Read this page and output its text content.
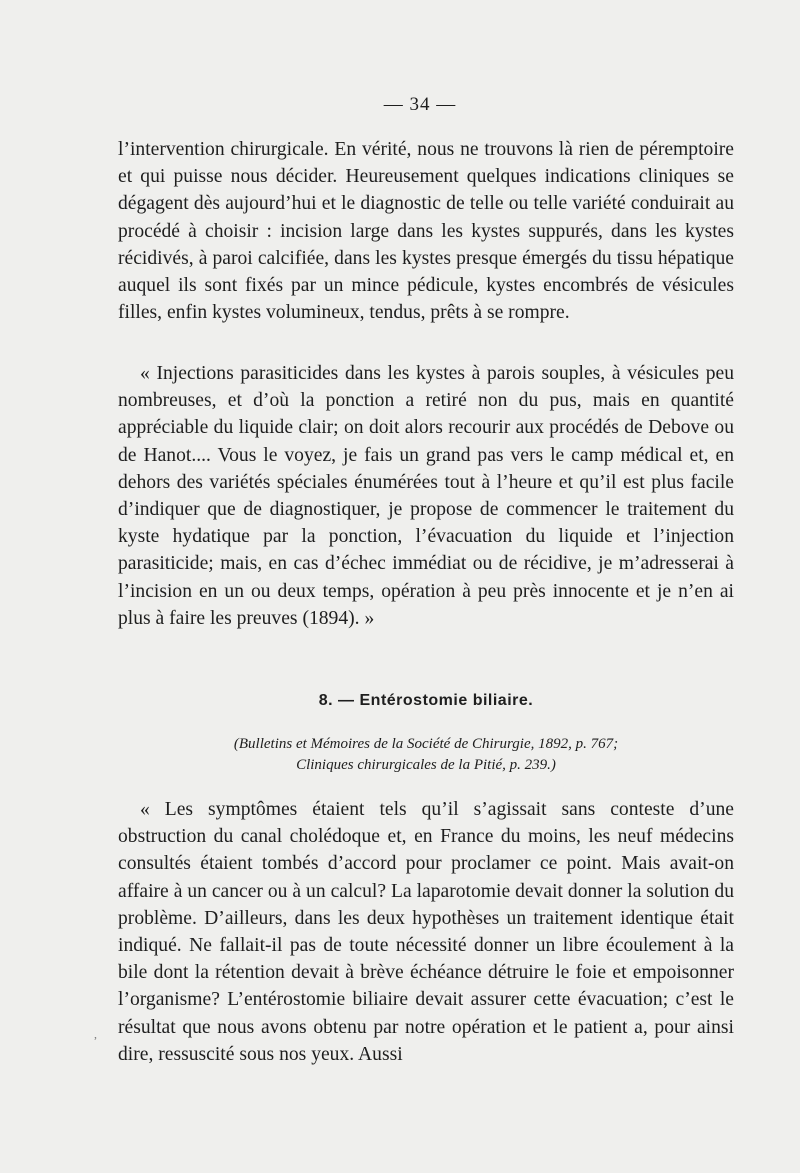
— 34 —

l’intervention chirurgicale. En vérité, nous ne trouvons là rien de péremptoire et qui puisse nous décider. Heureusement quelques indications cliniques se dégagent dès aujourd’hui et le diagnostic de telle ou telle variété conduirait au procédé à choisir : incision large dans les kystes suppurés, dans les kystes récidivés, à paroi calcifiée, dans les kystes presque émergés du tissu hépatique auquel ils sont fixés par un mince pédicule, kystes encombrés de vésicules filles, enfin kystes volumineux, tendus, prêts à se rompre.

« Injections parasiticides dans les kystes à parois souples, à vésicules peu nombreuses, et d’où la ponction a retiré non du pus, mais en quantité appréciable du liquide clair; on doit alors recourir aux procédés de Debove ou de Hanot.... Vous le voyez, je fais un grand pas vers le camp médical et, en dehors des variétés spéciales énumérées tout à l’heure et qu’il est plus facile d’indiquer que de diagnostiquer, je propose de commencer le traitement du kyste hydatique par la ponction, l’évacuation du liquide et l’injection parasiticide; mais, en cas d’échec immédiat ou de récidive, je m’adresserai à l’incision en un ou deux temps, opération à peu près innocente et je n’en ai plus à faire les preuves (1894). »

8. — Entérostomie biliaire.
(Bulletins et Mémoires de la Société de Chirurgie, 1892, p. 767;
Cliniques chirurgicales de la Pitié, p. 239.)

« Les symptômes étaient tels qu’il s’agissait sans conteste d’une obstruction du canal cholédoque et, en France du moins, les neuf médecins consultés étaient tombés d’accord pour proclamer ce point. Mais avait-on affaire à un cancer ou à un calcul? La laparotomie devait donner la solution du problème. D’ailleurs, dans les deux hypothèses un traitement identique était indiqué. Ne fallait-il pas de toute nécessité donner un libre écoulement à la bile dont la rétention devait à brève échéance détruire le foie et empoisonner l’organisme? L’entérostomie biliaire devait assurer cette évacuation; c’est le résultat que nous avons obtenu par notre opération et le patient a, pour ainsi dire, ressuscité sous nos yeux. Aussi

,
